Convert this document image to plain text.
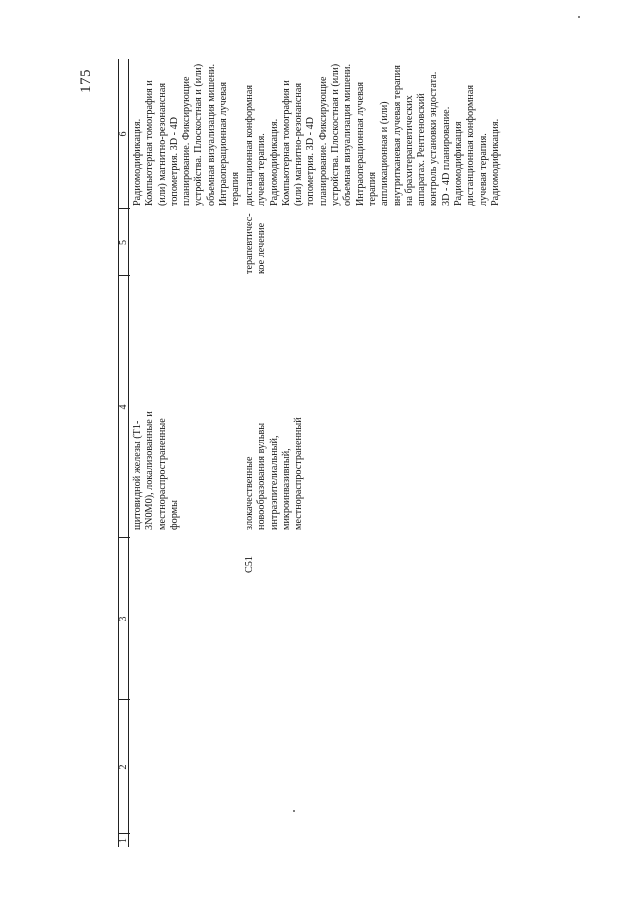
175
1
2
3
4
5
6
щитовидной железы (Т1-
3N0M0), локализованные и
местнораспространенные
формы
Радиомодификация.
Компьютерная томография и
(или) магнитно-резонансная
топометрия. 3D - 4D
планирование. Фиксирующие
устройства. Плоскостная и (или)
объемная визуализация мишени.
Интраоперационная лучевая
терапия
C51
злокачественные
новообразования вульвы
интраэпителиальный,
микроинвазивный,
местнораспространенный
терапевтичес-
кое лечение
дистанционная конформная
лучевая терапия.
Радиомодификация.
Компьютерная томография и
(или) магнитно-резонансная
топометрия. 3D - 4D
планирование. Фиксирующие
устройства. Плоскостная и (или)
объемная визуализация мишени.
Интраоперационная лучевая
терапия
аппликационная и (или)
внутритканевая лучевая терапия
на брахитерапевтических
аппаратах. Рентгеновский
контроль установки эндостата.
3D - 4D планирование.
Радиомодификация
дистанционная конформная
лучевая терапия.
Радиомодификация.
